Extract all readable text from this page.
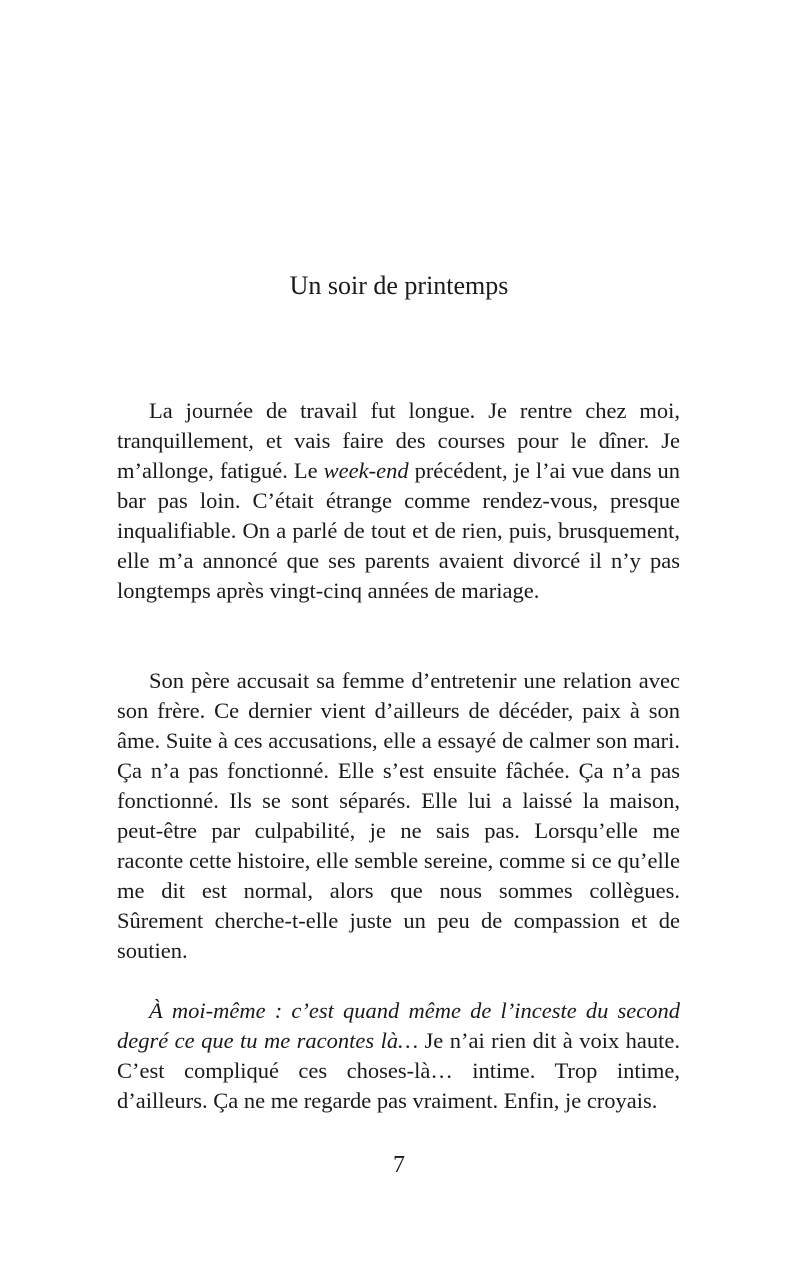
Un soir de printemps

La journée de travail fut longue. Je rentre chez moi, tranquillement, et vais faire des courses pour le dîner. Je m’allonge, fatigué. Le week-end précédent, je l’ai vue dans un bar pas loin. C’était étrange comme rendez-vous, presque inqualifiable. On a parlé de tout et de rien, puis, brusquement, elle m’a annoncé que ses parents avaient divorcé il n’y pas longtemps après vingt-cinq années de mariage.

Son père accusait sa femme d’entretenir une relation avec son frère. Ce dernier vient d’ailleurs de décéder, paix à son âme. Suite à ces accusations, elle a essayé de calmer son mari. Ça n’a pas fonctionné. Elle s’est ensuite fâchée. Ça n’a pas fonctionné. Ils se sont séparés. Elle lui a laissé la maison, peut-être par culpabilité, je ne sais pas. Lorsqu’elle me raconte cette histoire, elle semble sereine, comme si ce qu’elle me dit est normal, alors que nous sommes collègues. Sûrement cherche-t-elle juste un peu de compassion et de soutien.

À moi-même : c’est quand même de l’inceste du second degré ce que tu me racontes là… Je n’ai rien dit à voix haute. C’est compliqué ces choses-là… intime. Trop intime, d’ailleurs. Ça ne me regarde pas vraiment. Enfin, je croyais.

7
